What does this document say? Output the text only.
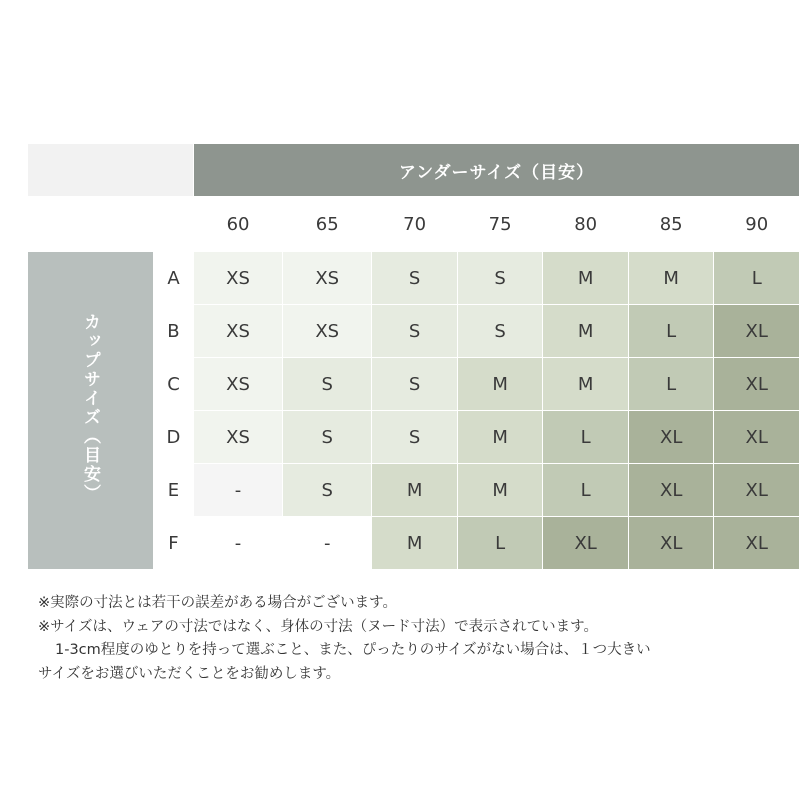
		アンダーサイズ（目安）						
		60	65	70	75	80	85	90
カップサイズ（目安）	A	XS	XS	S	S	M	M	L
	B	XS	XS	S	S	M	L	XL
	C	XS	S	S	M	M	L	XL
	D	XS	S	S	M	L	XL	XL
	E	-	S	M	M	L	XL	XL
	F	-	-	M	L	XL	XL	XL

※実際の寸法とは若干の誤差がある場合がございます。

※サイズは、ウェアの寸法ではなく、身体の寸法（ヌード寸法）で表示されています。

1-3cm程度のゆとりを持って選ぶこと、また、ぴったりのサイズがない場合は、１つ大きい

サイズをお選びいただくことをお勧めします。
